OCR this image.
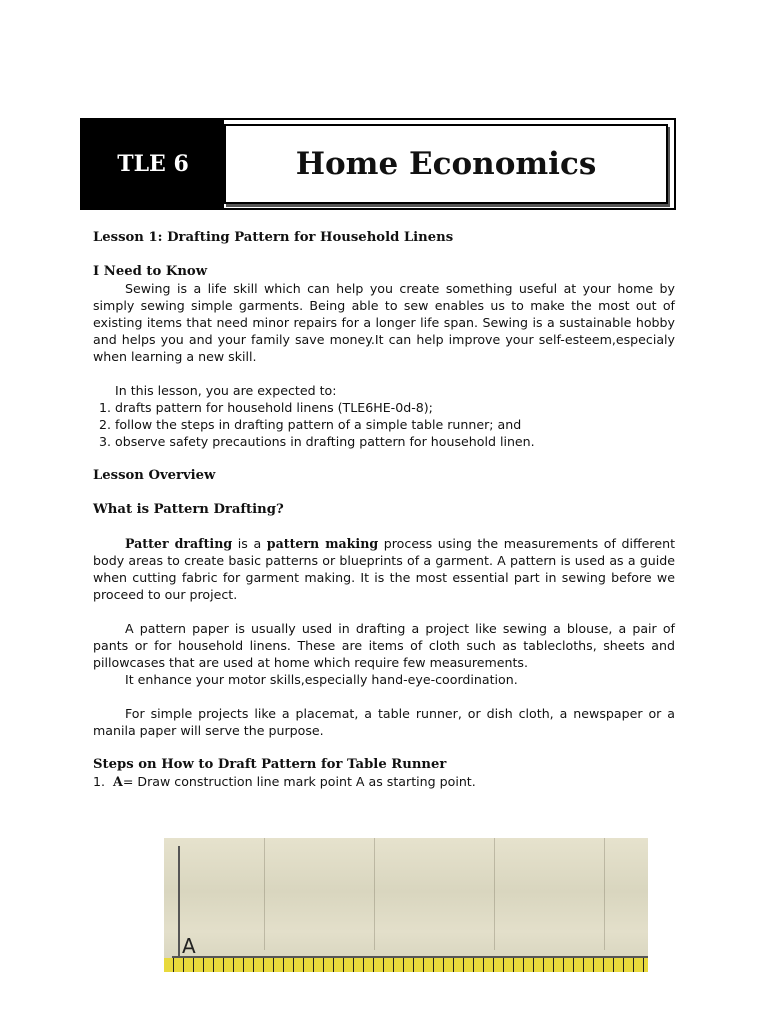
TLE 6	Home Economics

Lesson 1: Drafting Pattern for Household Linens

I Need to Know

Sewing is a life skill which can help you create something useful at your home by simply sewing simple garments. Being able to sew enables us to make the most out of existing items that need minor repairs for a longer life span. Sewing is a sustainable hobby and helps you and your family save money.It can help improve your self-esteem,especialy when learning a new skill.

In this lesson, you are expected to:

1. drafts pattern for household linens (TLE6HE-0d-8);
2. follow the steps in drafting pattern of a simple table runner; and
3. observe safety precautions in drafting pattern for household linen.

Lesson Overview

What is Pattern Drafting?

Patter drafting is a pattern making process using the measurements of different body areas to create basic patterns or blueprints of a garment. A pattern is used as a guide when cutting fabric for garment making. It is the most essential part in sewing before we proceed to our project.

A pattern paper is usually used in drafting a project like sewing a blouse, a pair of pants or for household linens. These are items of cloth such as tablecloths, sheets and pillowcases that are used at home which require few measurements.

It enhance your motor skills,especially hand-eye-coordination.

For simple projects like a placemat, a table runner, or dish cloth, a newspaper or a manila paper will serve the purpose.

Steps on How to Draft Pattern for Table Runner

1. A= Draw construction line mark point A as starting point.

A
